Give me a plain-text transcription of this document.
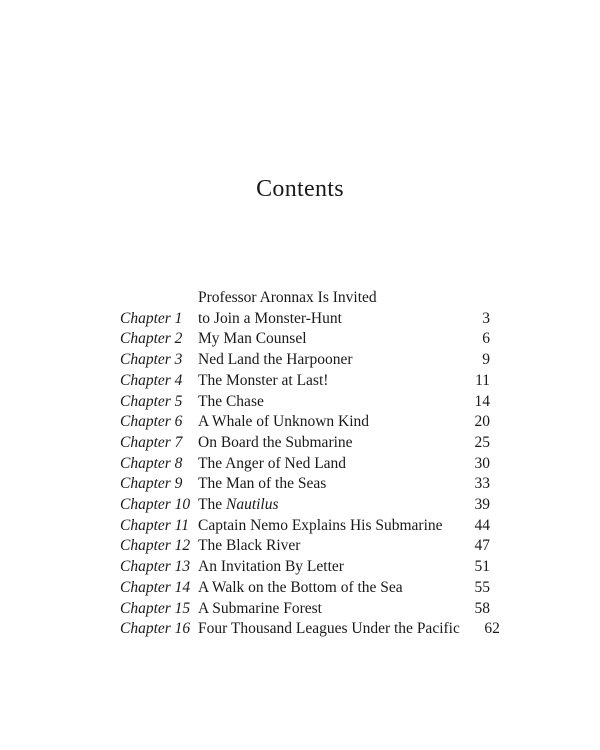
Contents
Chapter 1
Professor Aronnax Is Invited
to Join a Monster-Hunt	3
Chapter 2	My Man Counsel	6
Chapter 3	Ned Land the Harpooner	9
Chapter 4	The Monster at Last!	11
Chapter 5	The Chase	14
Chapter 6	A Whale of Unknown Kind	20
Chapter 7	On Board the Submarine	25
Chapter 8	The Anger of Ned Land	30
Chapter 9	The Man of the Seas	33
Chapter 10 The Nautilus	39
Chapter 11 Captain Nemo Explains His Submarine	44
Chapter 12 The Black River	47
Chapter 13 An Invitation By Letter	51
Chapter 14 A Walk on the Bottom of the Sea	55
Chapter 15 A Submarine Forest	58
Chapter 16 Four Thousand Leagues Under the Pacific	62
